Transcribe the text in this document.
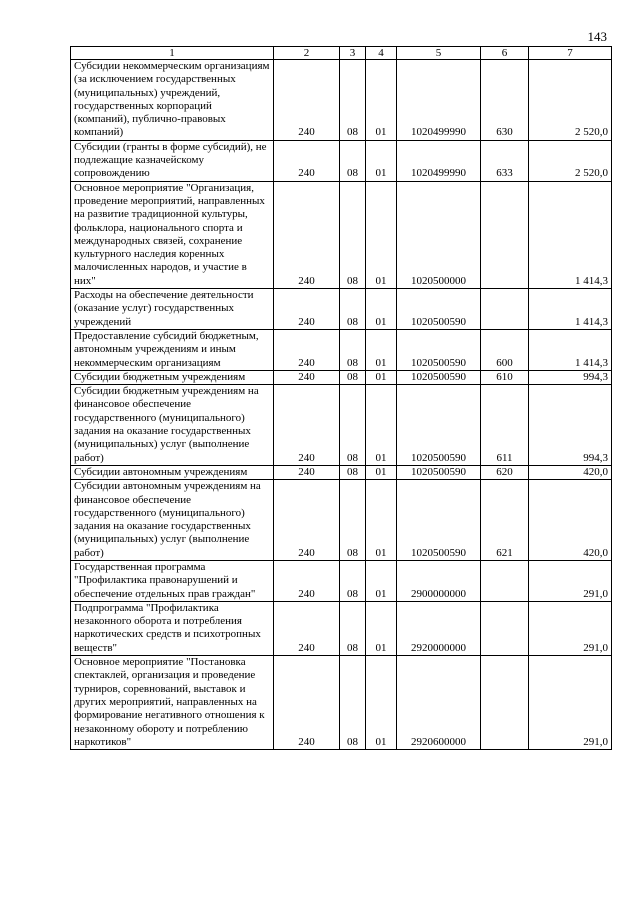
143
1	2	3	4	5	6	7
Субсидии некоммерческим организациям (за исключением государственных (муниципальных) учреждений, государственных корпораций (компаний), публично-правовых компаний)	240	08	01	1020499990	630	2 520,0
Субсидии (гранты в форме субсидий), не подлежащие казначейскому сопровождению	240	08	01	1020499990	633	2 520,0
Основное мероприятие "Организация, проведение мероприятий, направленных на развитие традиционной культуры, фольклора, национального спорта и международных связей, сохранение культурного наследия коренных малочисленных народов, и участие в них"	240	08	01	1020500000		1 414,3
Расходы на обеспечение деятельности (оказание услуг) государственных учреждений	240	08	01	1020500590		1 414,3
Предоставление субсидий бюджетным, автономным учреждениям и иным некоммерческим организациям	240	08	01	1020500590	600	1 414,3
Субсидии бюджетным учреждениям	240	08	01	1020500590	610	994,3
Субсидии бюджетным учреждениям на финансовое обеспечение государственного (муниципального) задания на оказание государственных (муниципальных) услуг (выполнение работ)	240	08	01	1020500590	611	994,3
Субсидии автономным учреждениям	240	08	01	1020500590	620	420,0
Субсидии автономным учреждениям на финансовое обеспечение государственного (муниципального) задания на оказание государственных (муниципальных) услуг (выполнение работ)	240	08	01	1020500590	621	420,0
Государственная программа "Профилактика правонарушений и обеспечение отдельных прав граждан"	240	08	01	2900000000		291,0
Подпрограмма "Профилактика незаконного оборота и потребления наркотических средств и психотропных веществ"	240	08	01	2920000000		291,0
Основное мероприятие "Постановка спектаклей, организация и проведение турниров, соревнований, выставок и других мероприятий, направленных на формирование негативного отношения к незаконному обороту и потреблению наркотиков"	240	08	01	2920600000		291,0
